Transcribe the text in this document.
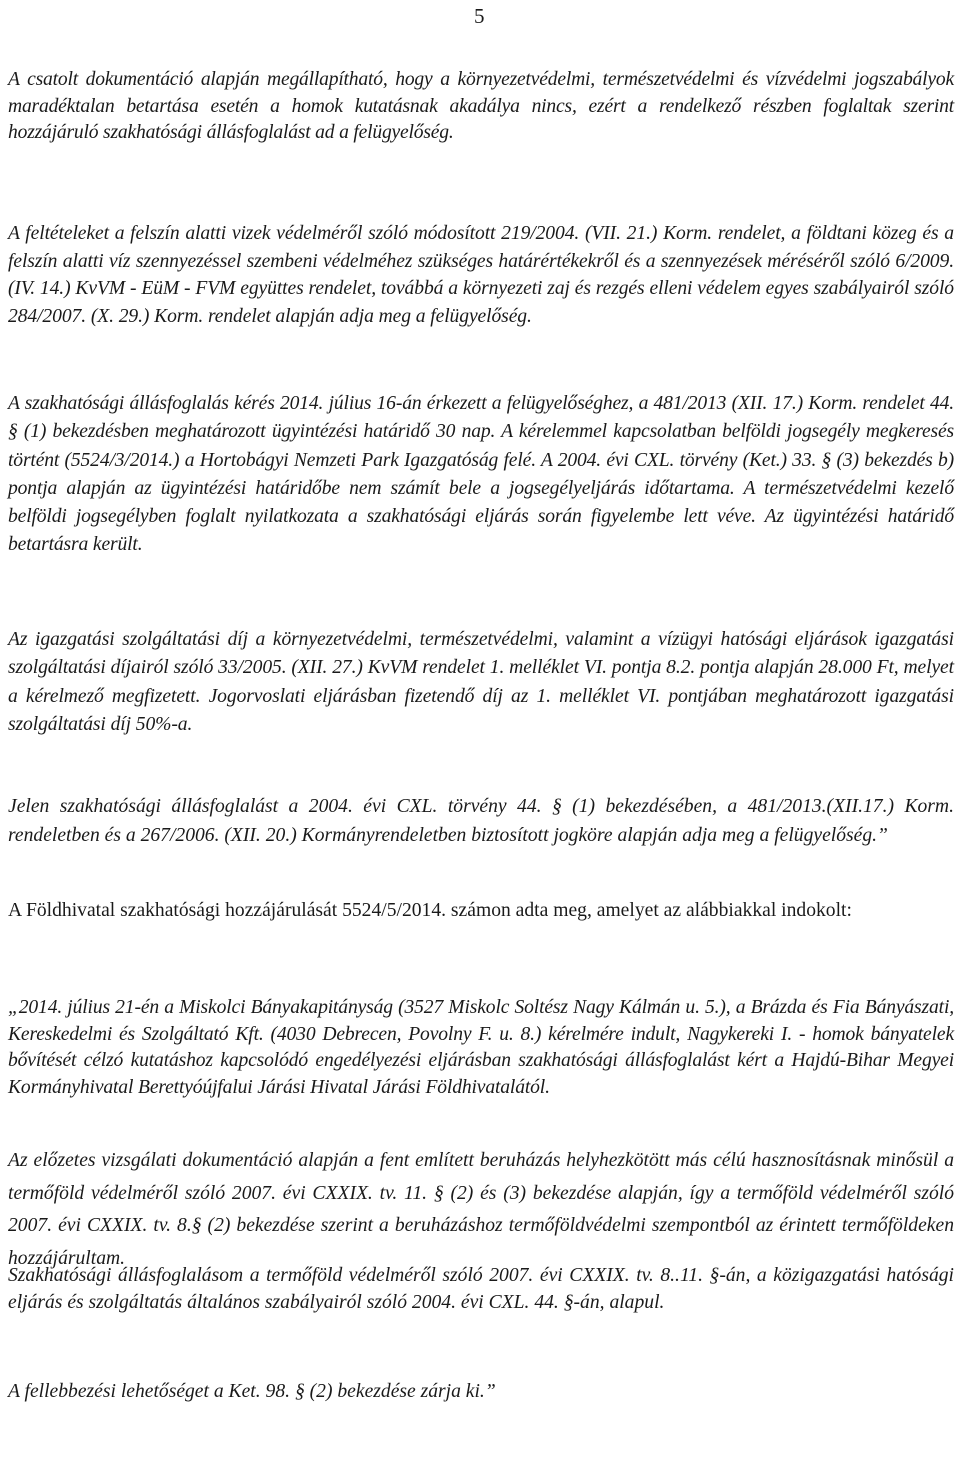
5

A csatolt dokumentáció alapján megállapítható, hogy a környezetvédelmi, természetvédelmi és vízvédelmi jogszabályok maradéktalan betartása esetén a homok kutatásnak akadálya nincs, ezért a rendelkező részben foglaltak szerint hozzájáruló szakhatósági állásfoglalást ad a felügyelőség.

A feltételeket a felszín alatti vizek védelméről szóló módosított 219/2004. (VII. 21.) Korm. rendelet, a földtani közeg és a felszín alatti víz szennyezéssel szembeni védelméhez szükséges határértékekről és a szennyezések méréséről szóló 6/2009. (IV. 14.) KvVM - EüM - FVM együttes rendelet, továbbá a környezeti zaj és rezgés elleni védelem egyes szabályairól szóló 284/2007. (X. 29.) Korm. rendelet alapján adja meg a felügyelőség.

A szakhatósági állásfoglalás kérés 2014. július 16-án érkezett a felügyelőséghez, a 481/2013 (XII. 17.) Korm. rendelet 44. § (1) bekezdésben meghatározott ügyintézési határidő 30 nap. A kérelemmel kapcsolatban belföldi jogsegély megkeresés történt (5524/3/2014.) a Hortobágyi Nemzeti Park Igazgatóság felé. A 2004. évi CXL. törvény (Ket.) 33. § (3) bekezdés b) pontja alapján az ügyintézési határidőbe nem számít bele a jogsegélyeljárás időtartama. A természetvédelmi kezelő belföldi jogsegélyben foglalt nyilatkozata a szakhatósági eljárás során figyelembe lett véve. Az ügyintézési határidő betartásra került.

Az igazgatási szolgáltatási díj a környezetvédelmi, természetvédelmi, valamint a vízügyi hatósági eljárások igazgatási szolgáltatási díjairól szóló 33/2005. (XII. 27.) KvVM rendelet 1. melléklet VI. pontja 8.2. pontja alapján 28.000 Ft, melyet a kérelmező megfizetett. Jogorvoslati eljárásban fizetendő díj az 1. melléklet VI. pontjában meghatározott igazgatási szolgáltatási díj 50%-a.

Jelen szakhatósági állásfoglalást a 2004. évi CXL. törvény 44. § (1) bekezdésében, a 481/2013.(XII.17.) Korm. rendeletben és a 267/2006. (XII. 20.) Kormányrendeletben biztosított jogköre alapján adja meg a felügyelőség.”

A Földhivatal szakhatósági hozzájárulását 5524/5/2014. számon adta meg, amelyet az alábbiakkal indokolt:

„2014. július 21-én a Miskolci Bányakapitányság (3527 Miskolc Soltész Nagy Kálmán u. 5.), a Brázda és Fia Bányászati, Kereskedelmi és Szolgáltató Kft. (4030 Debrecen, Povolny F. u. 8.) kérelmére indult, Nagykereki I. - homok bányatelek bővítését célzó kutatáshoz kapcsolódó engedélyezési eljárásban szakhatósági állásfoglalást kért a Hajdú-Bihar Megyei Kormányhivatal Berettyóújfalui Járási Hivatal Járási Földhivatalától.

Az előzetes vizsgálati dokumentáció alapján a fent említett beruházás helyhezkötött más célú hasznosításnak minősül a termőföld védelméről szóló 2007. évi CXXIX. tv. 11. § (2) és (3) bekezdése alapján, így a termőföld védelméről szóló 2007. évi CXXIX. tv. 8.§ (2) bekezdése szerint a beruházáshoz termőföldvédelmi szempontból az érintett termőföldeken hozzájárultam.

Szakhatósági állásfoglalásom a termőföld védelméről szóló 2007. évi CXXIX. tv. 8..11. §-án, a közigazgatási hatósági eljárás és szolgáltatás általános szabályairól szóló 2004. évi CXL. 44. §-án, alapul.

A fellebbezési lehetőséget a Ket. 98. § (2) bekezdése zárja ki.”
